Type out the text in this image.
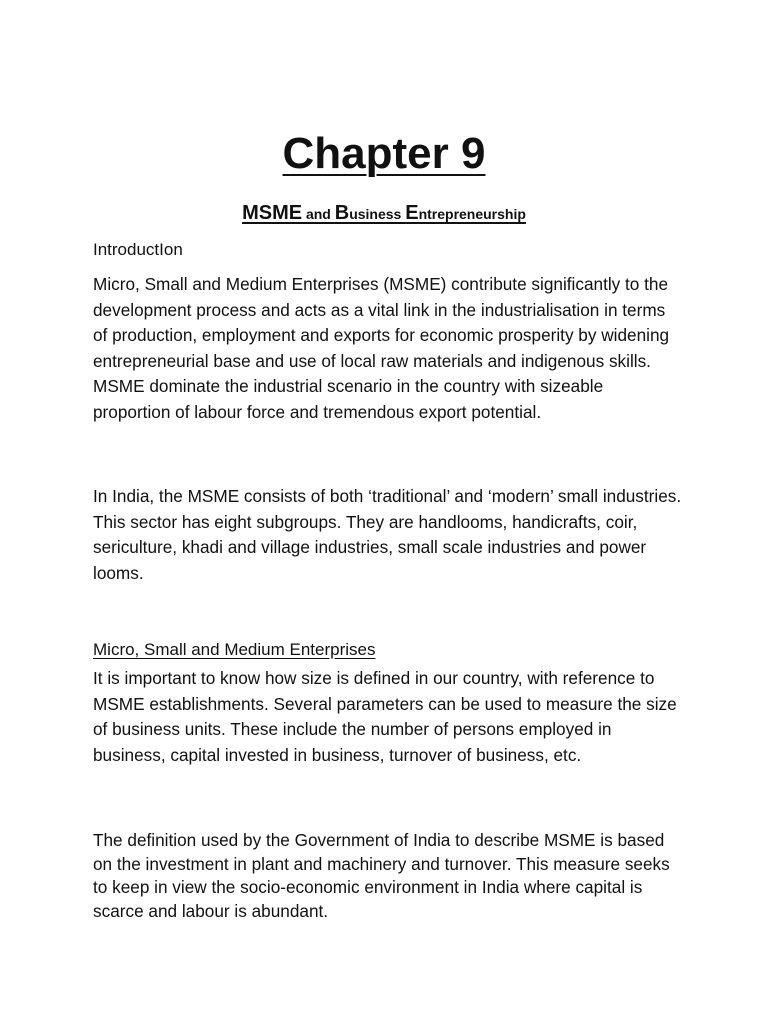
Chapter 9
MSME and Business Entrepreneurship
IntroductIon

Micro, Small and Medium Enterprises (MSME) contribute significantly to the development process and acts as a vital link in the industrialisation in terms of production, employment and exports for economic prosperity by widening entrepreneurial base and use of local raw materials and indigenous skills. MSME dominate the industrial scenario in the country with sizeable proportion of labour force and tremendous export potential.

In India, the MSME consists of both ‘traditional’ and ‘modern’ small industries. This sector has eight subgroups. They are handlooms, handicrafts, coir, sericulture, khadi and village industries, small scale industries and power looms.

Micro, Small and Medium Enterprises

It is important to know how size is defined in our country, with reference to MSME establishments. Several parameters can be used to measure the size of business units. These include the number of persons employed in business, capital invested in business, turnover of business, etc.

The definition used by the Government of India to describe MSME is based on the investment in plant and machinery and turnover. This measure seeks to keep in view the socio-economic environment in India where capital is scarce and labour is abundant.
